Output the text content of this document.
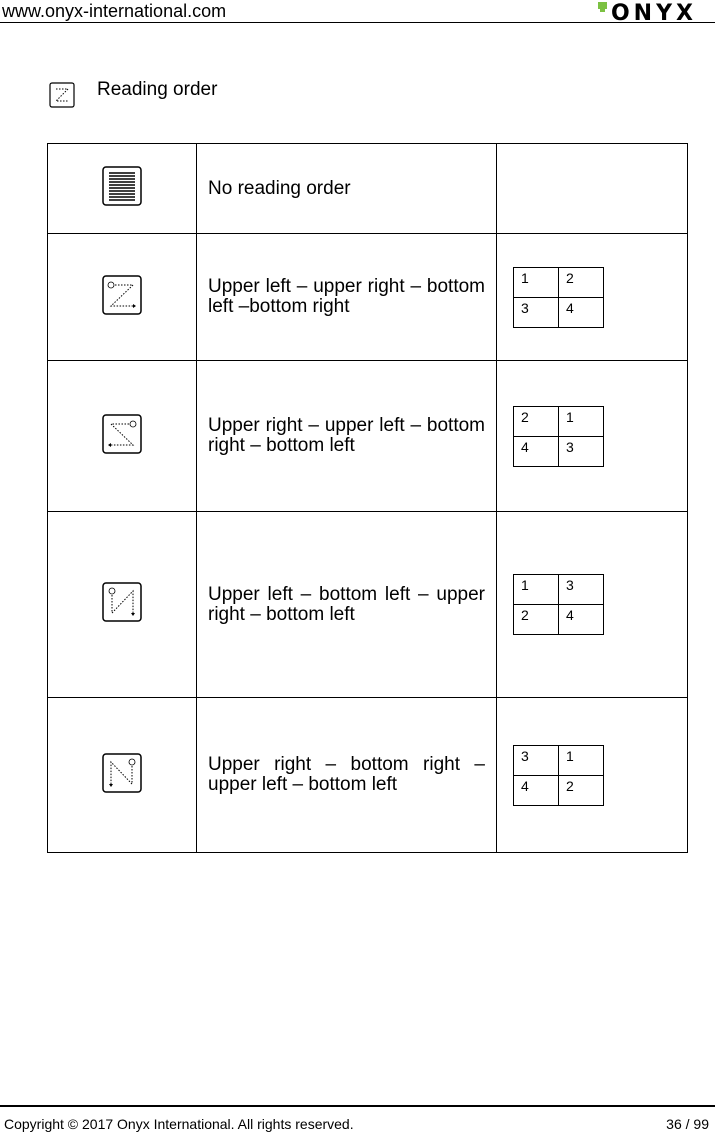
www.onyx-international.com	ONYX
Reading order

No reading order

Upper left – upper right – bottom left –bottom right

1	2
3	4

Upper right – upper left – bottom right – bottom left

2	1
4	3

Upper left – bottom left – upper right – bottom left

1	3
2	4

Upper right – bottom right – upper left – bottom left

3	1
4	2
Copyright © 2017 Onyx International. All rights reserved.	36 / 99
